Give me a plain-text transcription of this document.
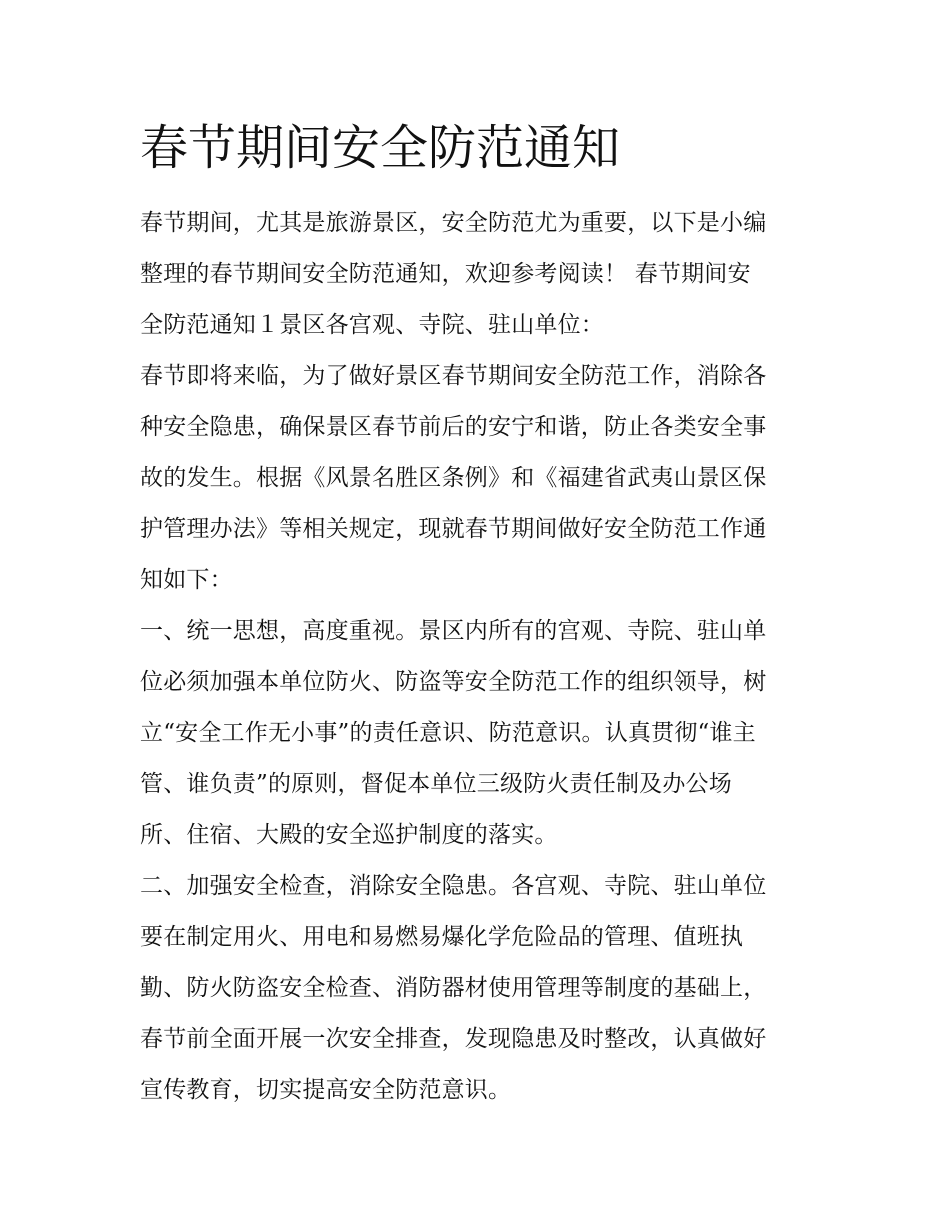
春节期间安全防范通知
春节期间，尤其是旅游景区，安全防范尤为重要，以下是小编
整理的春节期间安全防范通知，欢迎参考阅读！ 春节期间安
全防范通知１景区各宫观、寺院、驻山单位：
春节即将来临，为了做好景区春节期间安全防范工作，消除各
种安全隐患，确保景区春节前后的安宁和谐，防止各类安全事
故的发生。根据《风景名胜区条例》和《福建省武夷山景区保
护管理办法》等相关规定，现就春节期间做好安全防范工作通
知如下：
一、统一思想，高度重视。景区内所有的宫观、寺院、驻山单
位必须加强本单位防火、防盗等安全防范工作的组织领导，树
立“安全工作无小事”的责任意识、防范意识。认真贯彻“谁主
管、谁负责”的原则，督促本单位三级防火责任制及办公场
所、住宿、大殿的安全巡护制度的落实。
二、加强安全检查，消除安全隐患。各宫观、寺院、驻山单位
要在制定用火、用电和易燃易爆化学危险品的管理、值班执
勤、防火防盗安全检查、消防器材使用管理等制度的基础上，
春节前全面开展一次安全排查，发现隐患及时整改，认真做好
宣传教育，切实提高安全防范意识。
